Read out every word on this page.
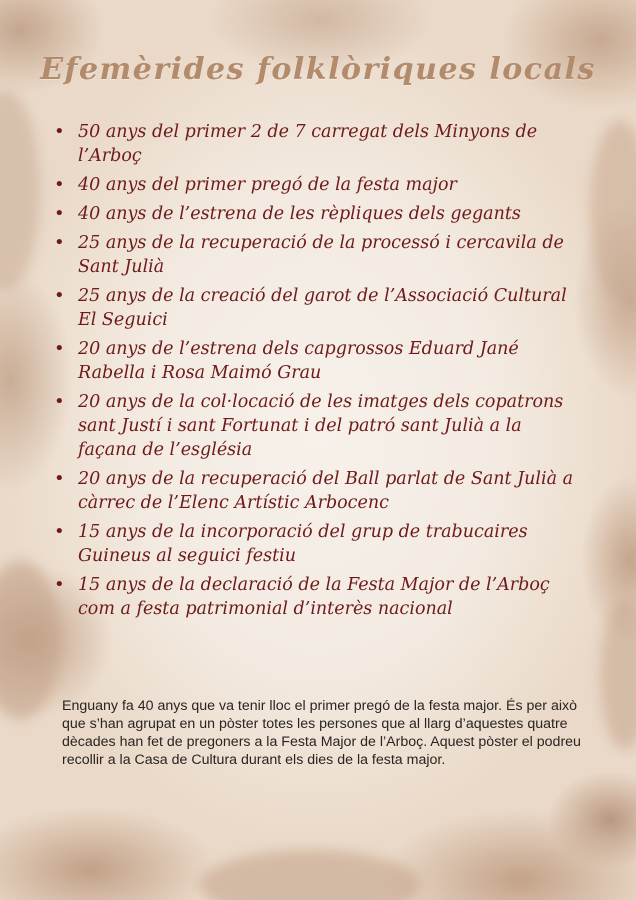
Efemèrides folklòriques locals
• 50 anys del primer 2 de 7 carregat dels Minyons de l’Arboç
• 40 anys del primer pregó de la festa major
• 40 anys de l’estrena de les rèpliques dels gegants
• 25 anys de la recuperació de la processó i cercavila de Sant Julià
• 25 anys de la creació del garot de l’Associació Cultural El Seguici
• 20 anys de l’estrena dels capgrossos Eduard Jané Rabella i Rosa Maimó Grau
• 20 anys de la col·locació de les imatges dels copatrons sant Justí i sant Fortunat i del patró sant Julià a la façana de l’església
• 20 anys de la recuperació del Ball parlat de Sant Julià a càrrec de l’Elenc Artístic Arbocenc
• 15 anys de la incorporació del grup de trabucaires Guineus al seguici festiu
• 15 anys de la declaració de la Festa Major de l’Arboç com a festa patrimonial d’interès nacional

Enguany fa 40 anys que va tenir lloc el primer pregó de la festa major. És per això que s’han agrupat en un pòster totes les persones que al llarg d’aquestes quatre dècades han fet de pregoners a la Festa Major de l’Arboç. Aquest pòster el podreu recollir a la Casa de Cultura durant els dies de la festa major.
